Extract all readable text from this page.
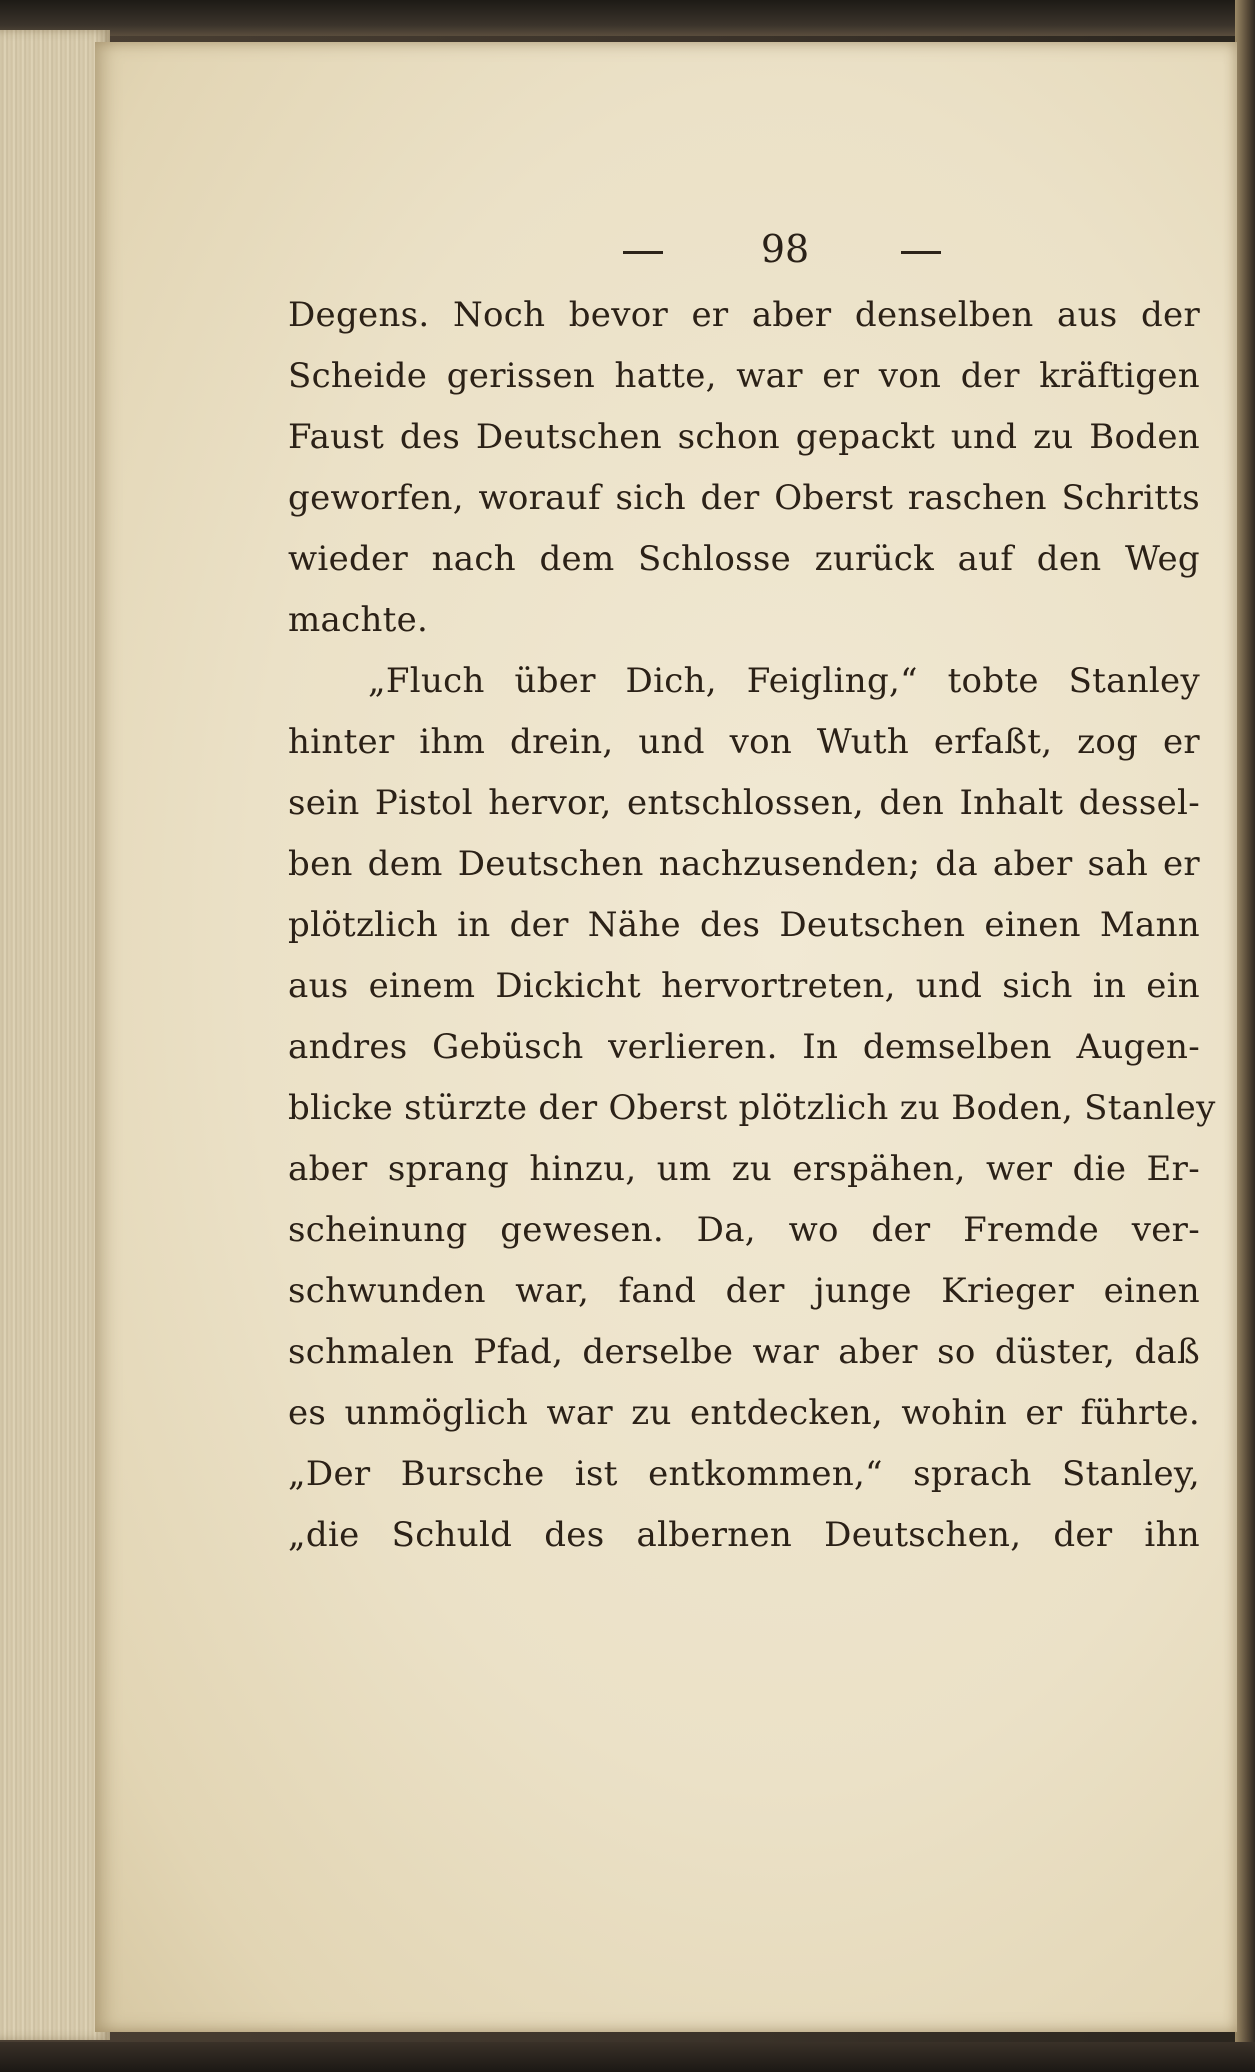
98
Degens. Noch bevor er aber denselben aus der
Scheide gerissen hatte, war er von der kräftigen
Faust des Deutschen schon gepackt und zu Boden
geworfen, worauf sich der Oberst raschen Schritts
wieder nach dem Schlosse zurück auf den Weg
machte.
„Fluch über Dich, Feigling,“ tobte Stanley
hinter ihm drein, und von Wuth erfaßt, zog er
sein Pistol hervor, entschlossen, den Inhalt dessel-
ben dem Deutschen nachzusenden; da aber sah er
plötzlich in der Nähe des Deutschen einen Mann
aus einem Dickicht hervortreten, und sich in ein
andres Gebüsch verlieren. In demselben Augen-
blicke stürzte der Oberst plötzlich zu Boden, Stanley
aber sprang hinzu, um zu erspähen, wer die Er-
scheinung gewesen. Da, wo der Fremde ver-
schwunden war, fand der junge Krieger einen
schmalen Pfad, derselbe war aber so düster, daß
es unmöglich war zu entdecken, wohin er führte.
„Der Bursche ist entkommen,“ sprach Stanley,
„die Schuld des albernen Deutschen, der ihn
